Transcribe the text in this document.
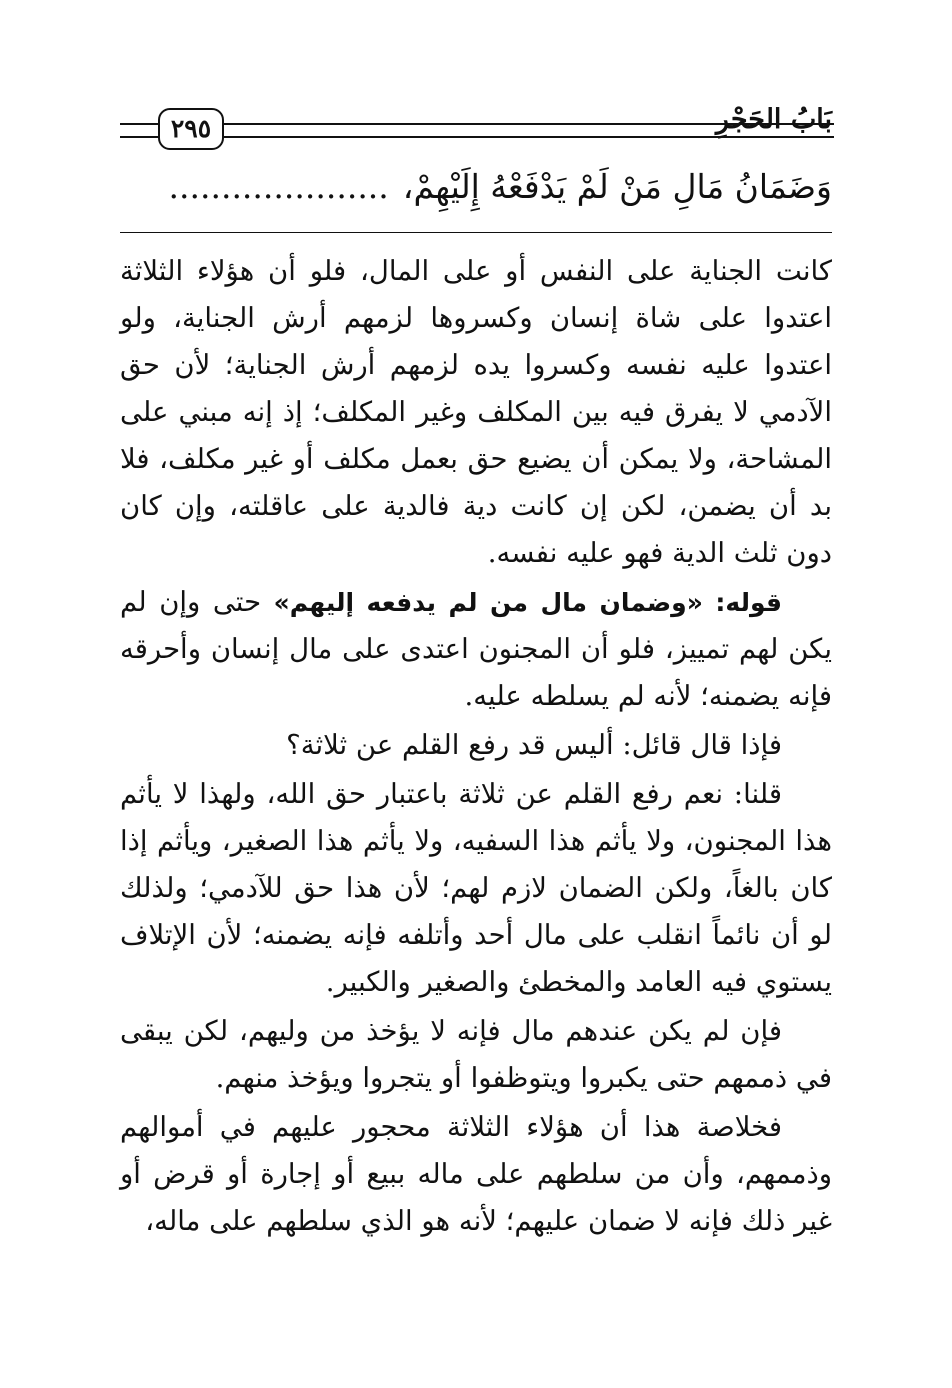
بَابُ الحَجْرِ
٢٩٥
وَضَمَانُ مَالِ مَنْ لَمْ يَدْفَعْهُ إِلَيْهِمْ،.....................

كانت الجناية على النفس أو على المال، فلو أن هؤلاء الثلاثة اعتدوا على شاة إنسان وكسروها لزمهم أرش الجناية، ولو اعتدوا عليه نفسه وكسروا يده لزمهم أرش الجناية؛ لأن حق الآدمي لا يفرق فيه بين المكلف وغير المكلف؛ إذ إنه مبني على المشاحة، ولا يمكن أن يضيع حق بعمل مكلف أو غير مكلف، فلا بد أن يضمن، لكن إن كانت دية فالدية على عاقلته، وإن كان دون ثلث الدية فهو عليه نفسه.

قوله: «وضمان مال من لم يدفعه إليهم» حتى وإن لم يكن لهم تمييز، فلو أن المجنون اعتدى على مال إنسان وأحرقه فإنه يضمنه؛ لأنه لم يسلطه عليه.

فإذا قال قائل: أليس قد رفع القلم عن ثلاثة؟

قلنا: نعم رفع القلم عن ثلاثة باعتبار حق الله، ولهذا لا يأثم هذا المجنون، ولا يأثم هذا السفيه، ولا يأثم هذا الصغير، ويأثم إذا كان بالغاً، ولكن الضمان لازم لهم؛ لأن هذا حق للآدمي؛ ولذلك لو أن نائماً انقلب على مال أحد وأتلفه فإنه يضمنه؛ لأن الإتلاف يستوي فيه العامد والمخطئ والصغير والكبير.

فإن لم يكن عندهم مال فإنه لا يؤخذ من وليهم، لكن يبقى في ذممهم حتى يكبروا ويتوظفوا أو يتجروا ويؤخذ منهم.

فخلاصة هذا أن هؤلاء الثلاثة محجور عليهم في أموالهم وذممهم، وأن من سلطهم على ماله ببيع أو إجارة أو قرض أو غير ذلك فإنه لا ضمان عليهم؛ لأنه هو الذي سلطهم على ماله،
